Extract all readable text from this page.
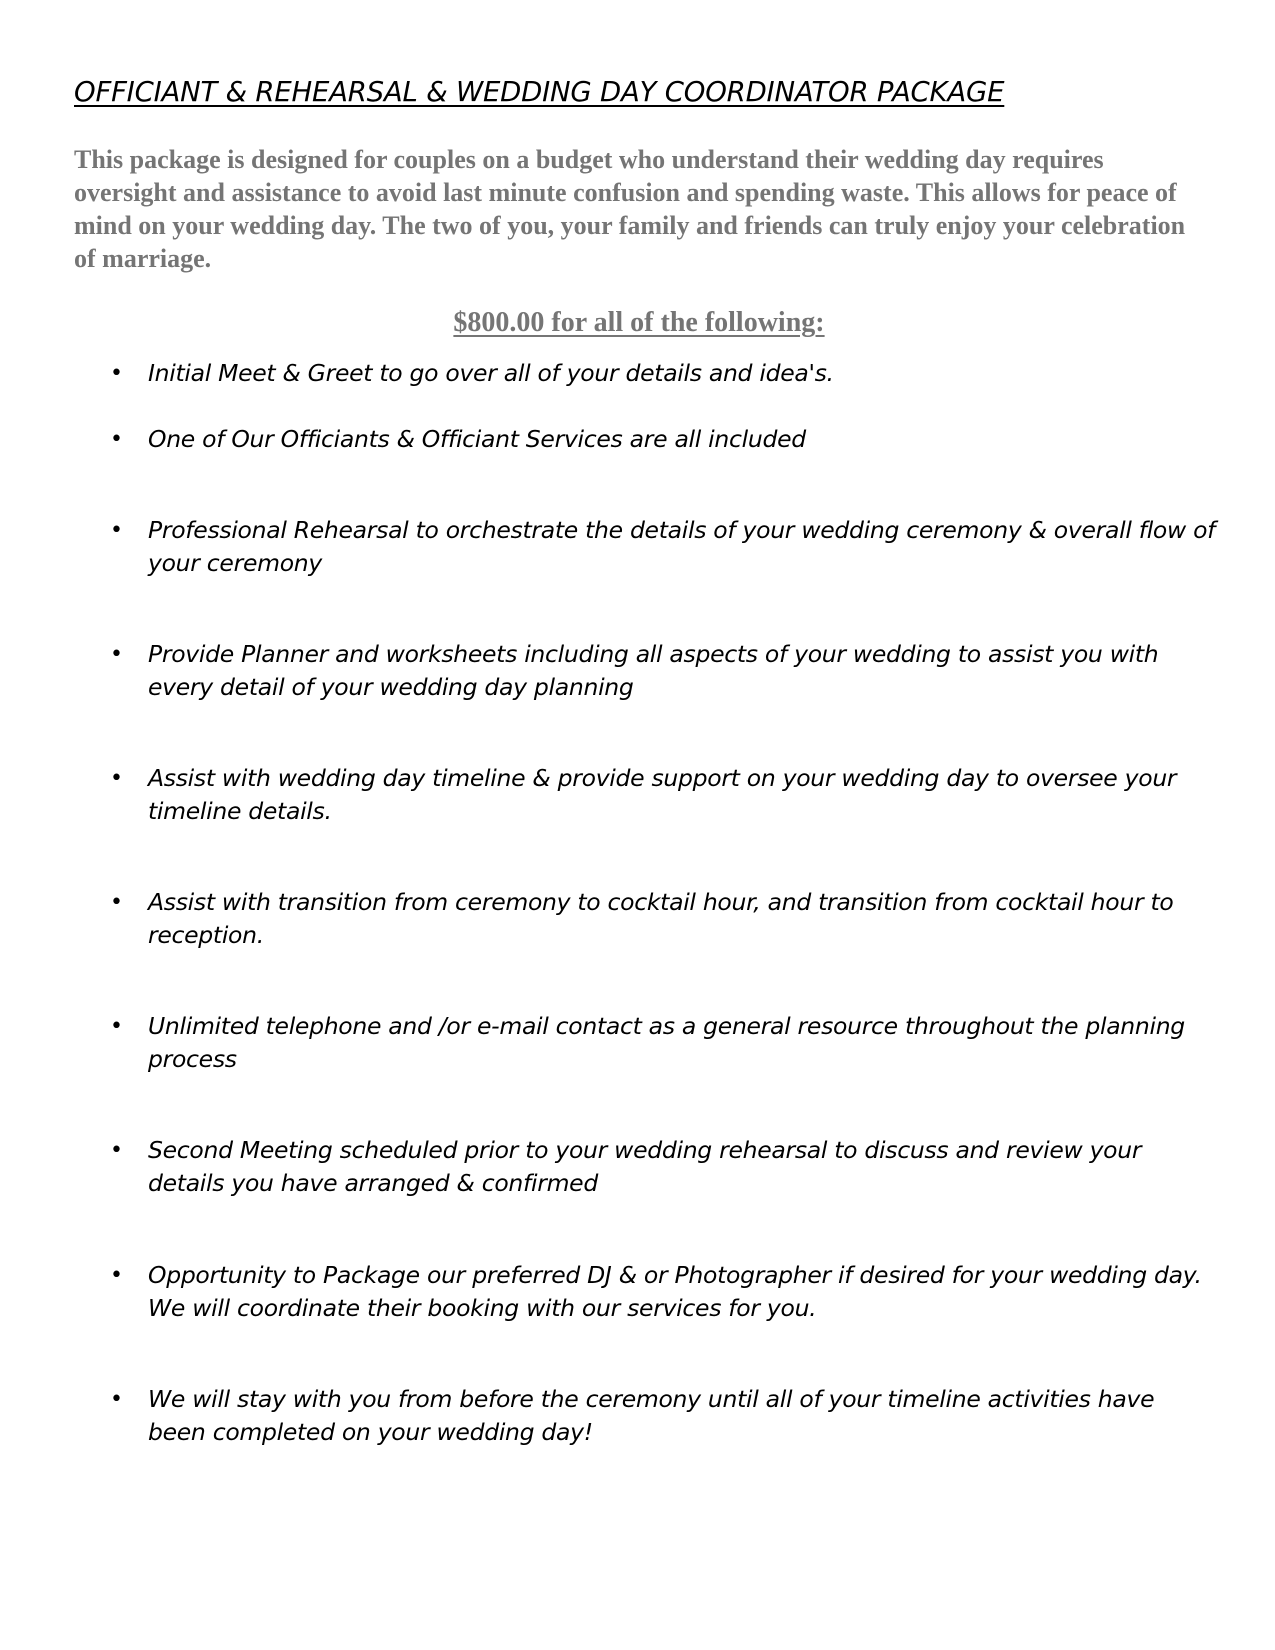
OFFICIANT & REHEARSAL & WEDDING DAY COORDINATOR PACKAGE

This package is designed for couples on a budget who understand their wedding day requires oversight and assistance to avoid last minute confusion and spending waste. This allows for peace of mind on your wedding day. The two of you, your family and friends can truly enjoy your celebration of marriage.

$800.00 for all of the following:

• Initial Meet & Greet to go over all of your details and idea's.
• One of Our Officiants & Officiant Services are all included
• Professional Rehearsal to orchestrate the details of your wedding ceremony & overall flow of your ceremony
• Provide Planner and worksheets including all aspects of your wedding to assist you with every detail of your wedding day planning
• Assist with wedding day timeline & provide support on your wedding day to oversee your timeline details.
• Assist with transition from ceremony to cocktail hour, and transition from cocktail hour to reception.
• Unlimited telephone and /or e-mail contact as a general resource throughout the planning process
• Second Meeting scheduled prior to your wedding rehearsal to discuss and review your details you have arranged & confirmed
• Opportunity to Package our preferred DJ & or Photographer if desired for your wedding day. We will coordinate their booking with our services for you.
• We will stay with you from before the ceremony until all of your timeline activities have been completed on your wedding day!
